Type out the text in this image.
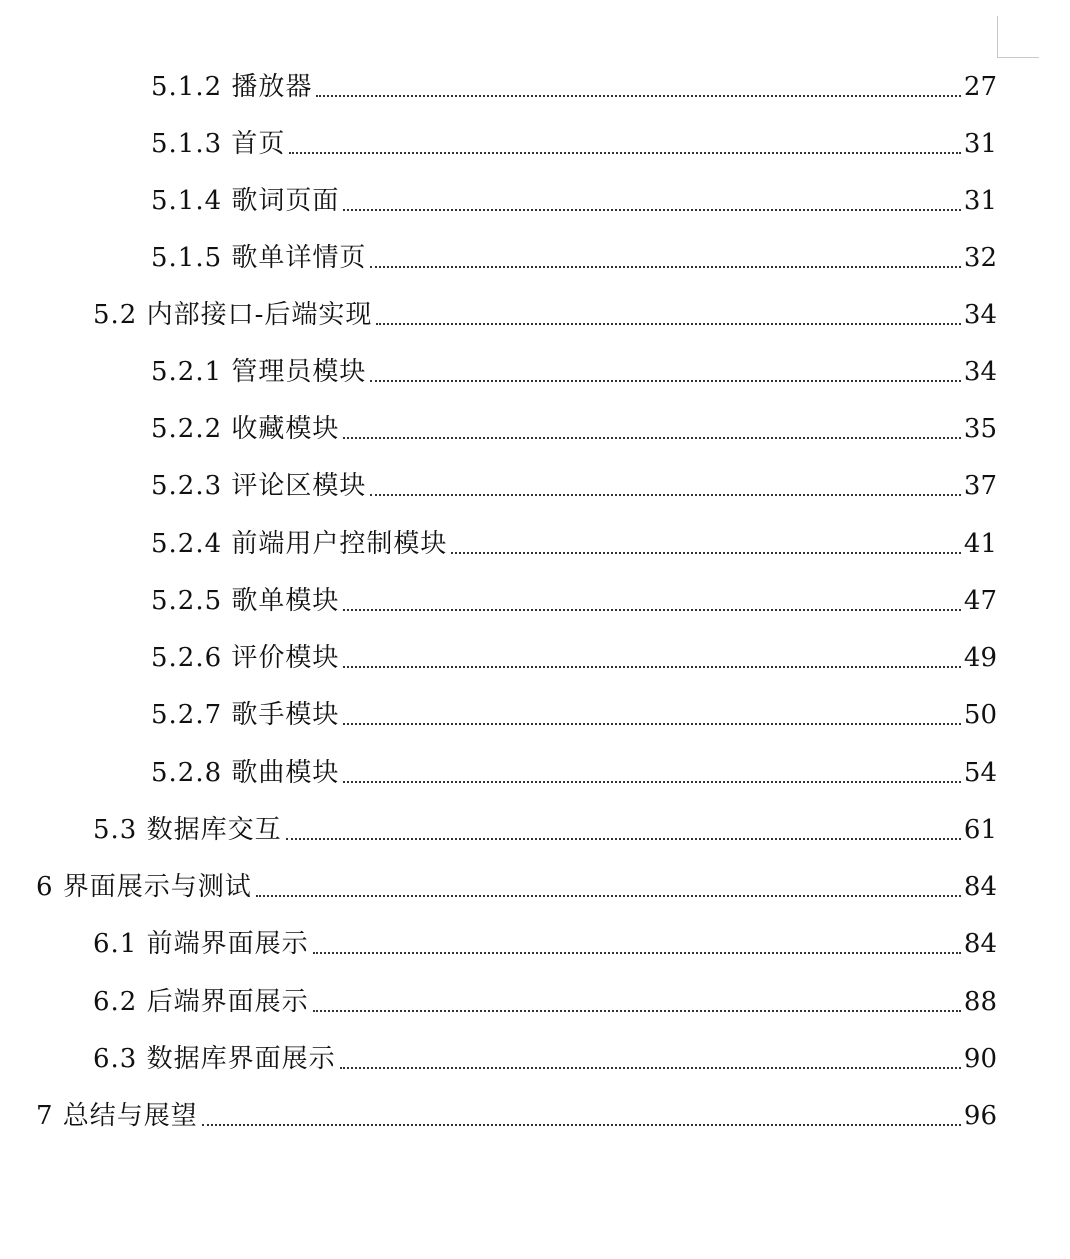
5.1.2 播放器	27
5.1.3 首页	31
5.1.4 歌词页面	31
5.1.5 歌单详情页	32
5.2 内部接口-后端实现	34
5.2.1 管理员模块	34
5.2.2 收藏模块	35
5.2.3 评论区模块	37
5.2.4 前端用户控制模块	41
5.2.5 歌单模块	47
5.2.6 评价模块	49
5.2.7 歌手模块	50
5.2.8 歌曲模块	54
5.3 数据库交互	61
6 界面展示与测试	84
6.1 前端界面展示	84
6.2 后端界面展示	88
6.3 数据库界面展示	90
7 总结与展望	96
